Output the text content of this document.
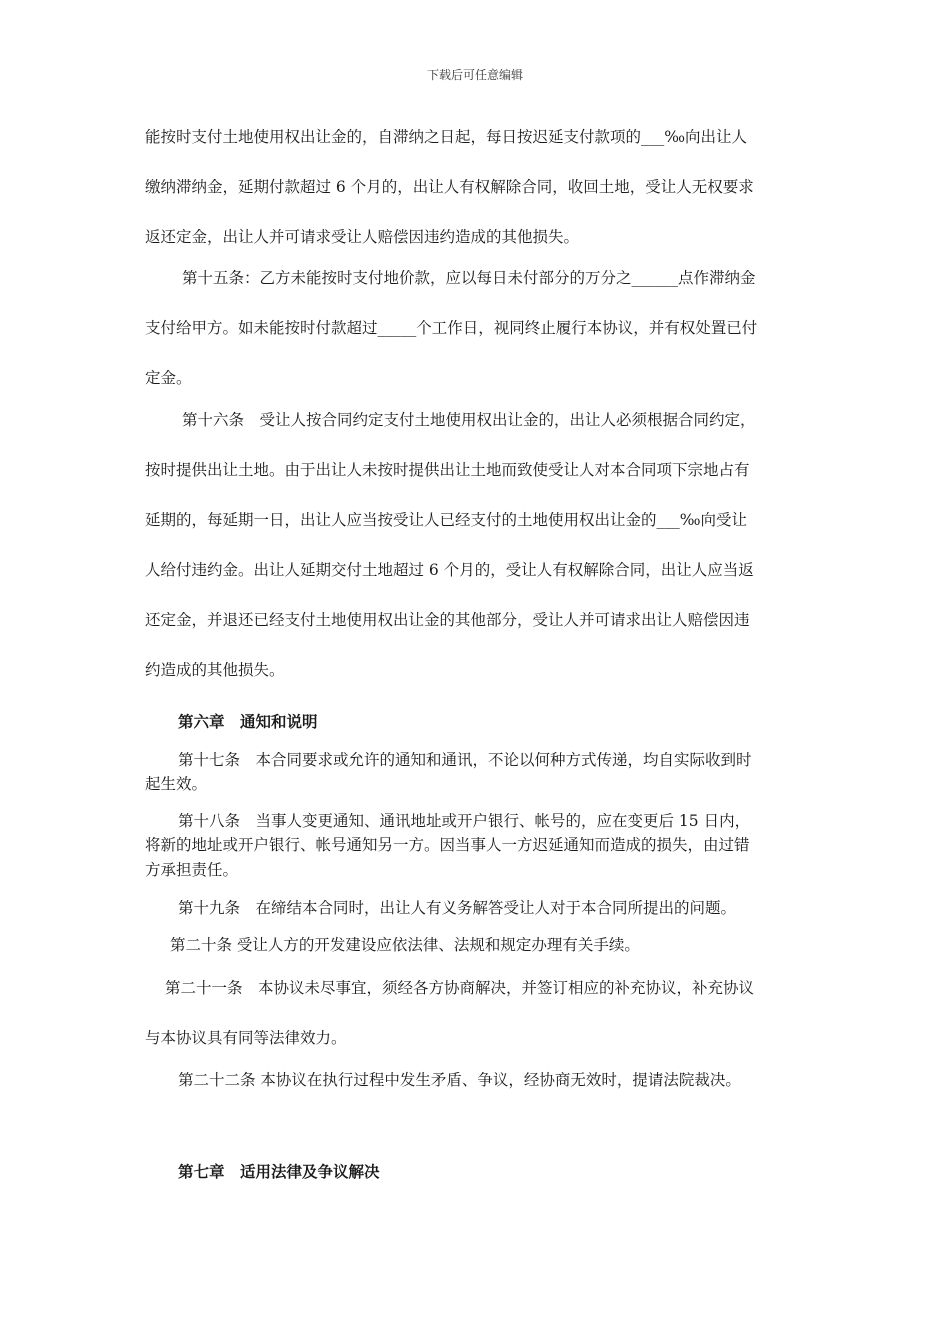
下载后可任意编辑
能按时支付土地使用权出让金的，自滞纳之日起，每日按迟延支付款项的___‰向出让人
缴纳滞纳金，延期付款超过 6 个月的，出让人有权解除合同，收回土地，受让人无权要求
返还定金，出让人并可请求受让人赔偿因违约造成的其他损失。
第十五条：乙方未能按时支付地价款，应以每日未付部分的万分之______点作滞纳金
支付给甲方。如未能按时付款超过_____个工作日，视同终止履行本协议，并有权处置已付
定金。
第十六条　受让人按合同约定支付土地使用权出让金的，出让人必须根据合同约定，
按时提供出让土地。由于出让人未按时提供出让土地而致使受让人对本合同项下宗地占有
延期的，每延期一日，出让人应当按受让人已经支付的土地使用权出让金的___‰向受让
人给付违约金。出让人延期交付土地超过 6 个月的，受让人有权解除合同，出让人应当返
还定金，并退还已经支付土地使用权出让金的其他部分，受让人并可请求出让人赔偿因违
约造成的其他损失。
第六章　通知和说明
第十七条　本合同要求或允许的通知和通讯，不论以何种方式传递，均自实际收到时
起生效。
第十八条　当事人变更通知、通讯地址或开户银行、帐号的，应在变更后 15 日内，
将新的地址或开户银行、帐号通知另一方。因当事人一方迟延通知而造成的损失，由过错
方承担责任。
第十九条　在缔结本合同时，出让人有义务解答受让人对于本合同所提出的问题。
第二十条 受让人方的开发建设应依法律、法规和规定办理有关手续。
第二十一条　本协议未尽事宜，须经各方协商解决，并签订相应的补充协议，补充协议
与本协议具有同等法律效力。
第二十二条 本协议在执行过程中发生矛盾、争议，经协商无效时，提请法院裁决。
第七章　适用法律及争议解决
